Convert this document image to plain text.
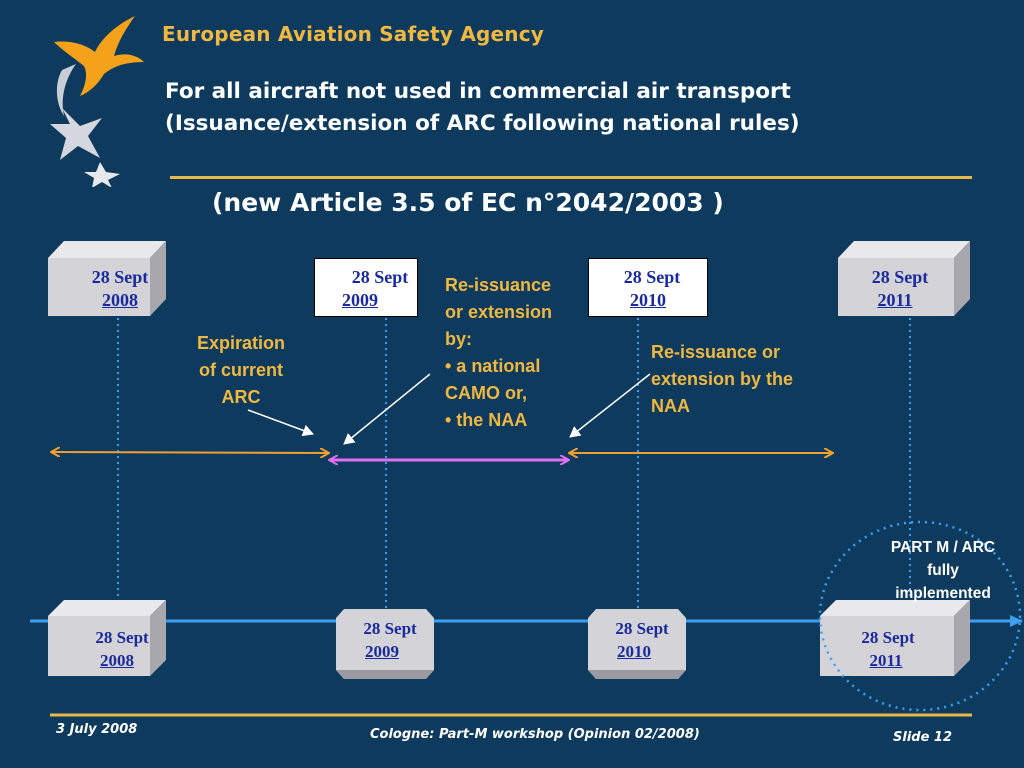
European Aviation Safety Agency
For all aircraft not used in commercial air transport
(Issuance/extension of ARC following national rules)
(new Article 3.5 of EC n°2042/2003 )
28 Sept
2008
28 Sept
2009
28 Sept
2010
28 Sept
2011
28 Sept
2008
28 Sept
2009
28 Sept
2010
28 Sept
2011
Expiration
of current
ARC
Re-issuance
or extension
by:
• a national
CAMO or,
• the NAA
Re-issuance or
extension by the
NAA
PART M / ARC
fully
implemented
3 July 2008	Cologne: Part-M workshop (Opinion 02/2008)	Slide 12
